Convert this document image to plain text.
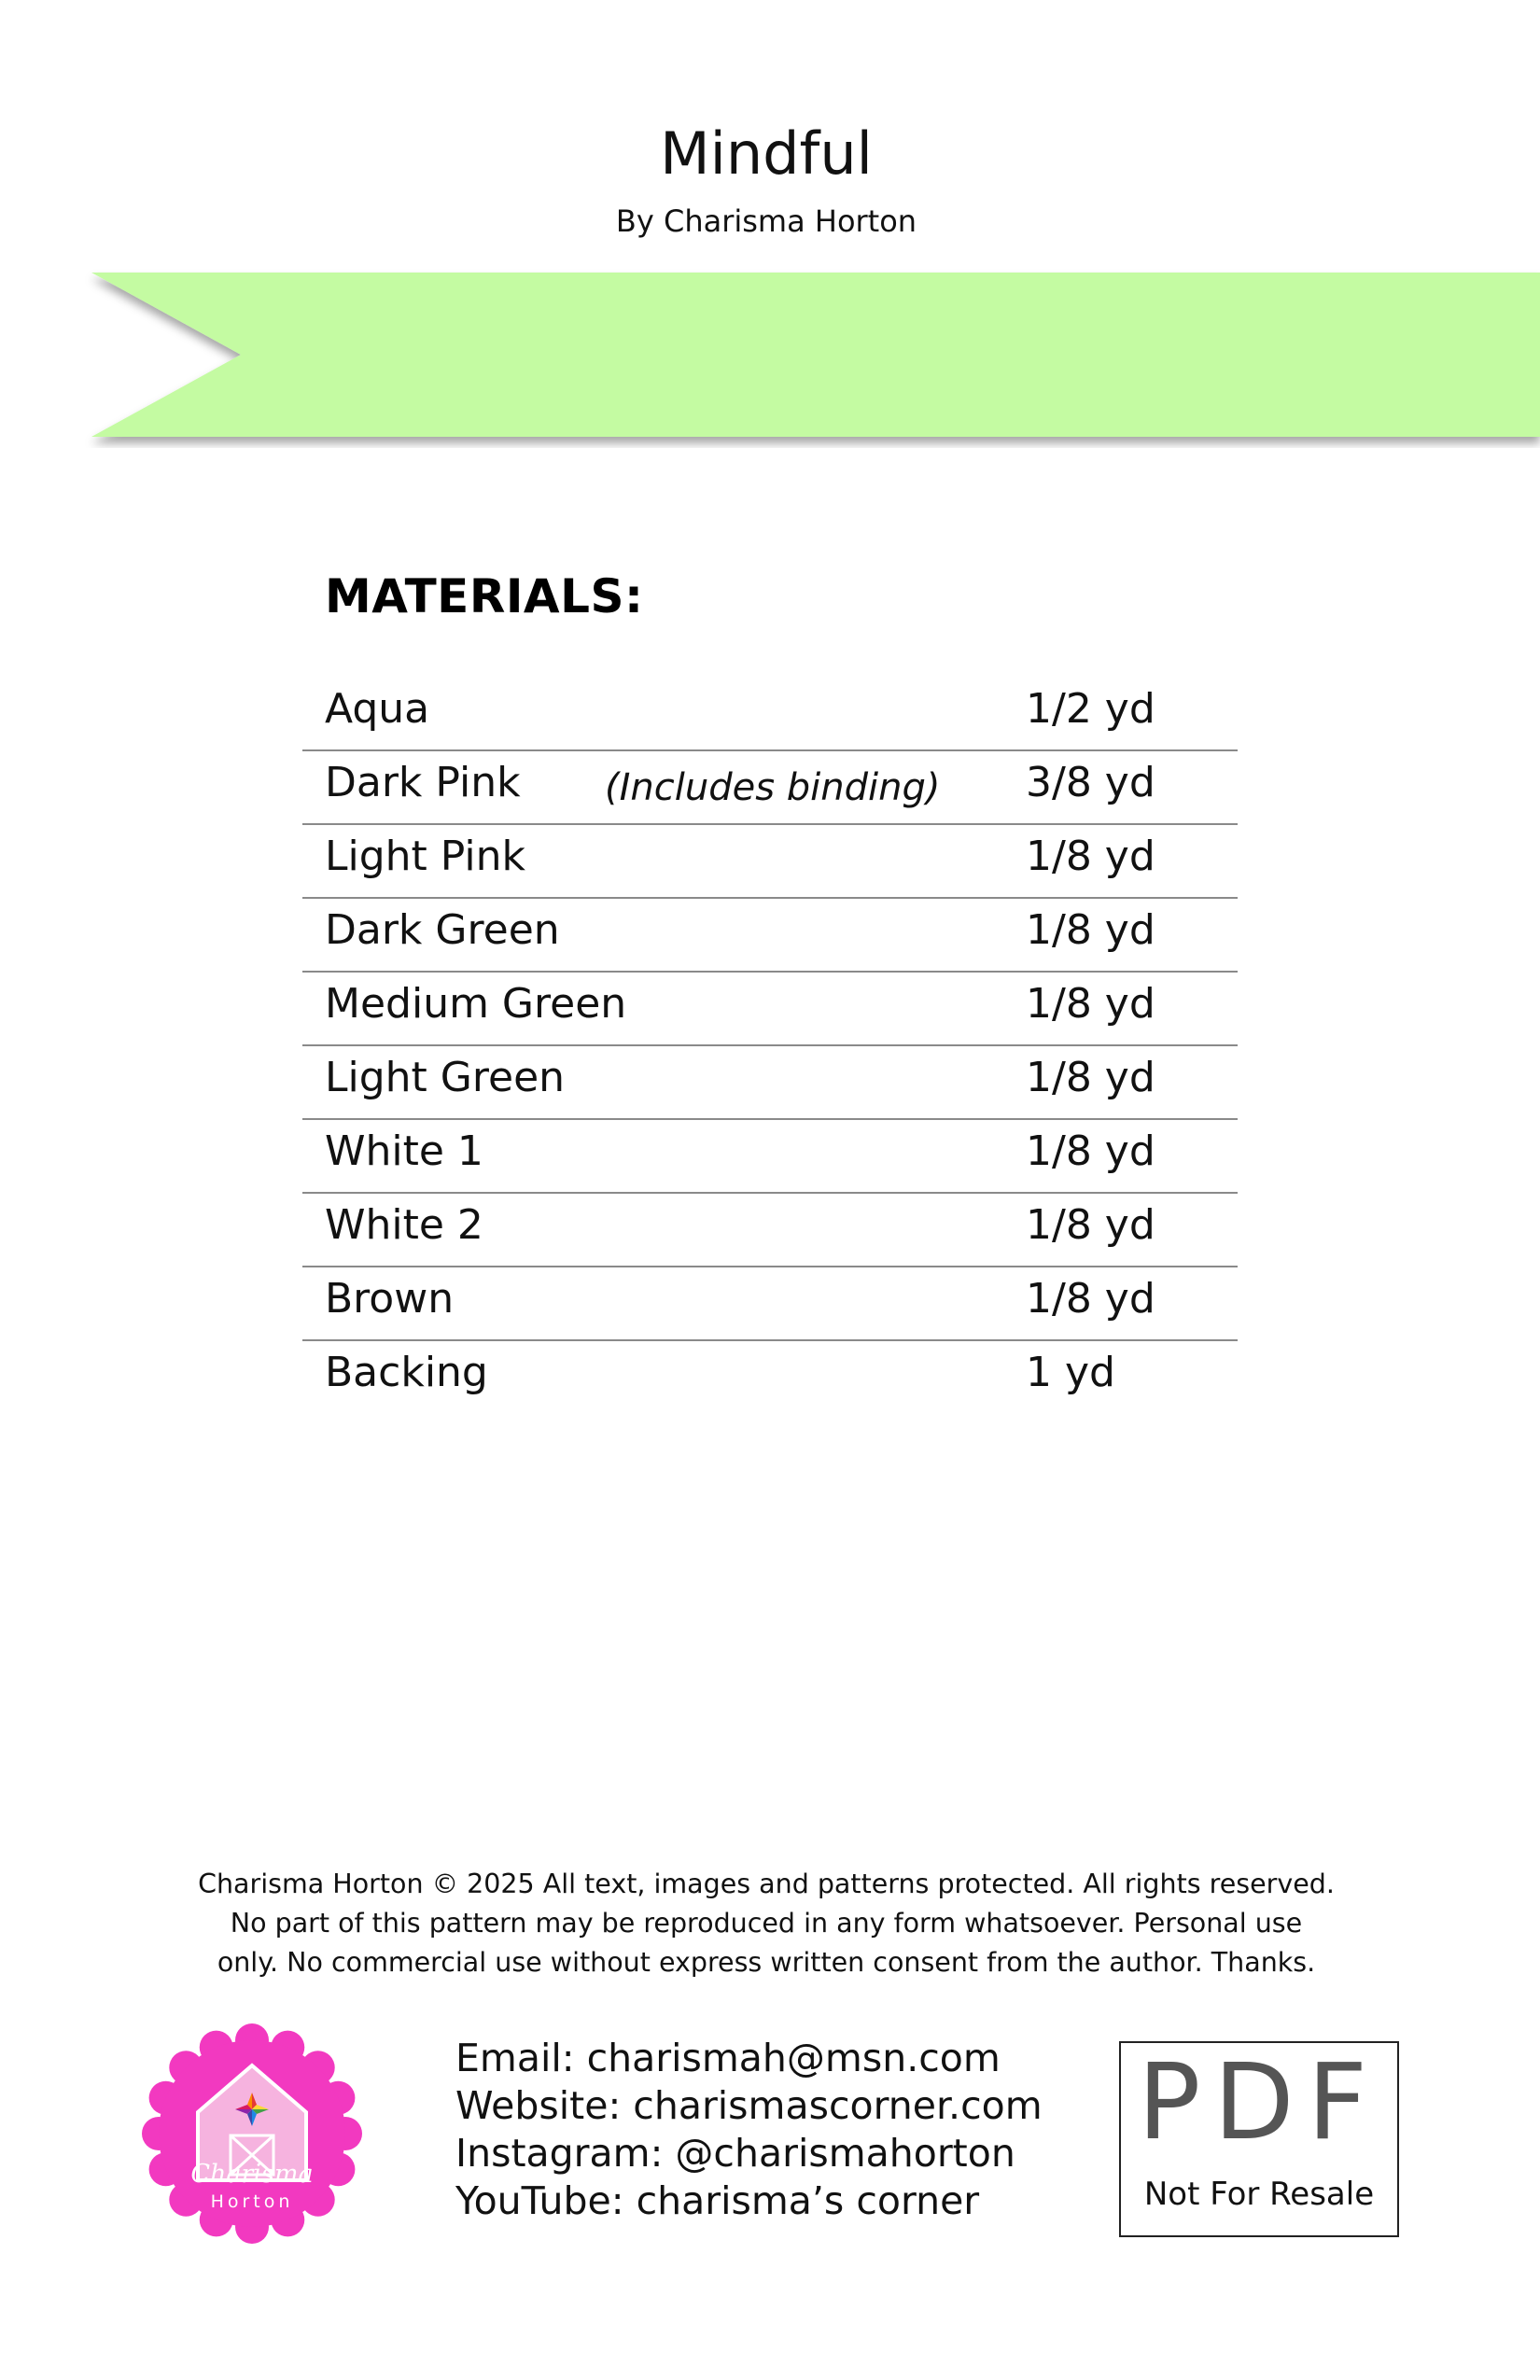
Mindful
By Charisma Horton
MATERIALS:
Aqua	1/2 yd
Dark Pink (Includes binding) 3/8 yd
Light Pink	1/8 yd
Dark Green	1/8 yd
Medium Green	1/8 yd
Light Green	1/8 yd
White 1	1/8 yd
White 2	1/8 yd
Brown	1/8 yd
Backing	1 yd
Charisma Horton © 2025 All text, images and patterns protected. All rights reserved.
No part of this pattern may be reproduced in any form whatsoever. Personal use
only. No commercial use without express written consent from the author. Thanks.
Charisma
Horton
Email: charismah@msn.com
Website: charismascorner.com
Instagram: @charismahorton
YouTube: charisma’s corner
PDF
Not For Resale
